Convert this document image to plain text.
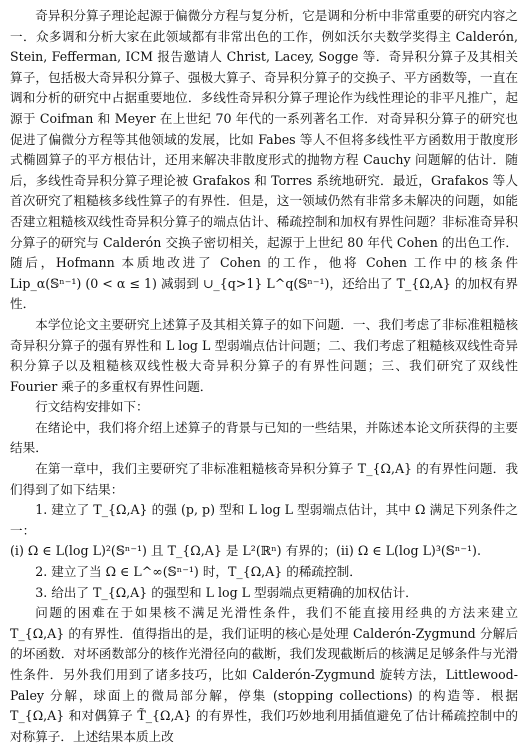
奇异积分算子理论起源于偏微分方程与复分析，它是调和分析中非常重要的研究内容之一．众多调和分析大家在此领域都有非常出色的工作，例如沃尔夫数学奖得主 Calderón, Stein, Fefferman, ICM 报告邀请人 Christ, Lacey, Sogge 等．奇异积分算子及其相关算子，包括极大奇异积分算子、强极大算子、奇异积分算子的交换子、平方函数等，一直在调和分析的研究中占据重要地位．多线性奇异积分算子理论作为线性理论的非平凡推广，起源于 Coifman 和 Meyer 在上世纪 70 年代的一系列著名工作．对奇异积分算子的研究也促进了偏微分方程等其他领域的发展，比如 Fabes 等人不但将多线性平方函数用于散度形式椭圆算子的平方根估计，还用来解决非散度形式的抛物方程 Cauchy 问题解的估计．随后，多线性奇异积分算子理论被 Grafakos 和 Torres 系统地研究．最近，Grafakos 等人首次研究了粗糙核多线性算子的有界性．但是，这一领域仍然有非常多未解决的问题，如能否建立粗糙核双线性奇异积分算子的端点估计、稀疏控制和加权有界性问题？非标准奇异积分算子的研究与 Calderón 交换子密切相关，起源于上世纪 80 年代 Cohen 的出色工作．随后，Hofmann 本质地改进了 Cohen 的工作，他将 Cohen 工作中的核条件 Lip_α(𝕊ⁿ⁻¹) (0 < α ≤ 1) 减弱到 ∪_{q>1} L^q(𝕊ⁿ⁻¹)，还给出了 T_{Ω,A} 的加权有界性．

本学位论文主要研究上述算子及其相关算子的如下问题．一、我们考虑了非标准粗糙核奇异积分算子的强有界性和 L log L 型弱端点估计问题；二、我们考虑了粗糙核双线性奇异积分算子以及粗糙核双线性极大奇异积分算子的有界性问题；三、我们研究了双线性 Fourier 乘子的多重权有界性问题．

行文结构安排如下：

在绪论中，我们将介绍上述算子的背景与已知的一些结果，并陈述本论文所获得的主要结果．

在第一章中，我们主要研究了非标准粗糙核奇异积分算子 T_{Ω,A} 的有界性问题．我们得到了如下结果：

1. 建立了 T_{Ω,A} 的强 (p, p) 型和 L log L 型弱端点估计，其中 Ω 满足下列条件之一：

(i) Ω ∈ L(log L)²(𝕊ⁿ⁻¹) 且 T_{Ω,A} 是 L²(ℝⁿ) 有界的；(ii) Ω ∈ L(log L)³(𝕊ⁿ⁻¹).

2. 建立了当 Ω ∈ L^∞(𝕊ⁿ⁻¹) 时，T_{Ω,A} 的稀疏控制．

3. 给出了 T_{Ω,A} 的强型和 L log L 型弱端点更精确的加权估计．

问题的困难在于如果核不满足光滑性条件，我们不能直接用经典的方法来建立 T_{Ω,A} 的有界性．值得指出的是，我们证明的核心是处理 Calderón-Zygmund 分解后的坏函数．对坏函数部分的核作光滑径向的截断，我们发现截断后的核满足足够条件与光滑性条件．另外我们用到了诸多技巧，比如 Calderón-Zygmund 旋转方法，Littlewood-Paley 分解，球面上的微局部分解，停集 (stopping collections) 的构造等．根据 T_{Ω,A} 和对偶算子 T̃_{Ω,A} 的有界性，我们巧妙地利用插值避免了估计稀疏控制中的对称算子．上述结果本质上改
